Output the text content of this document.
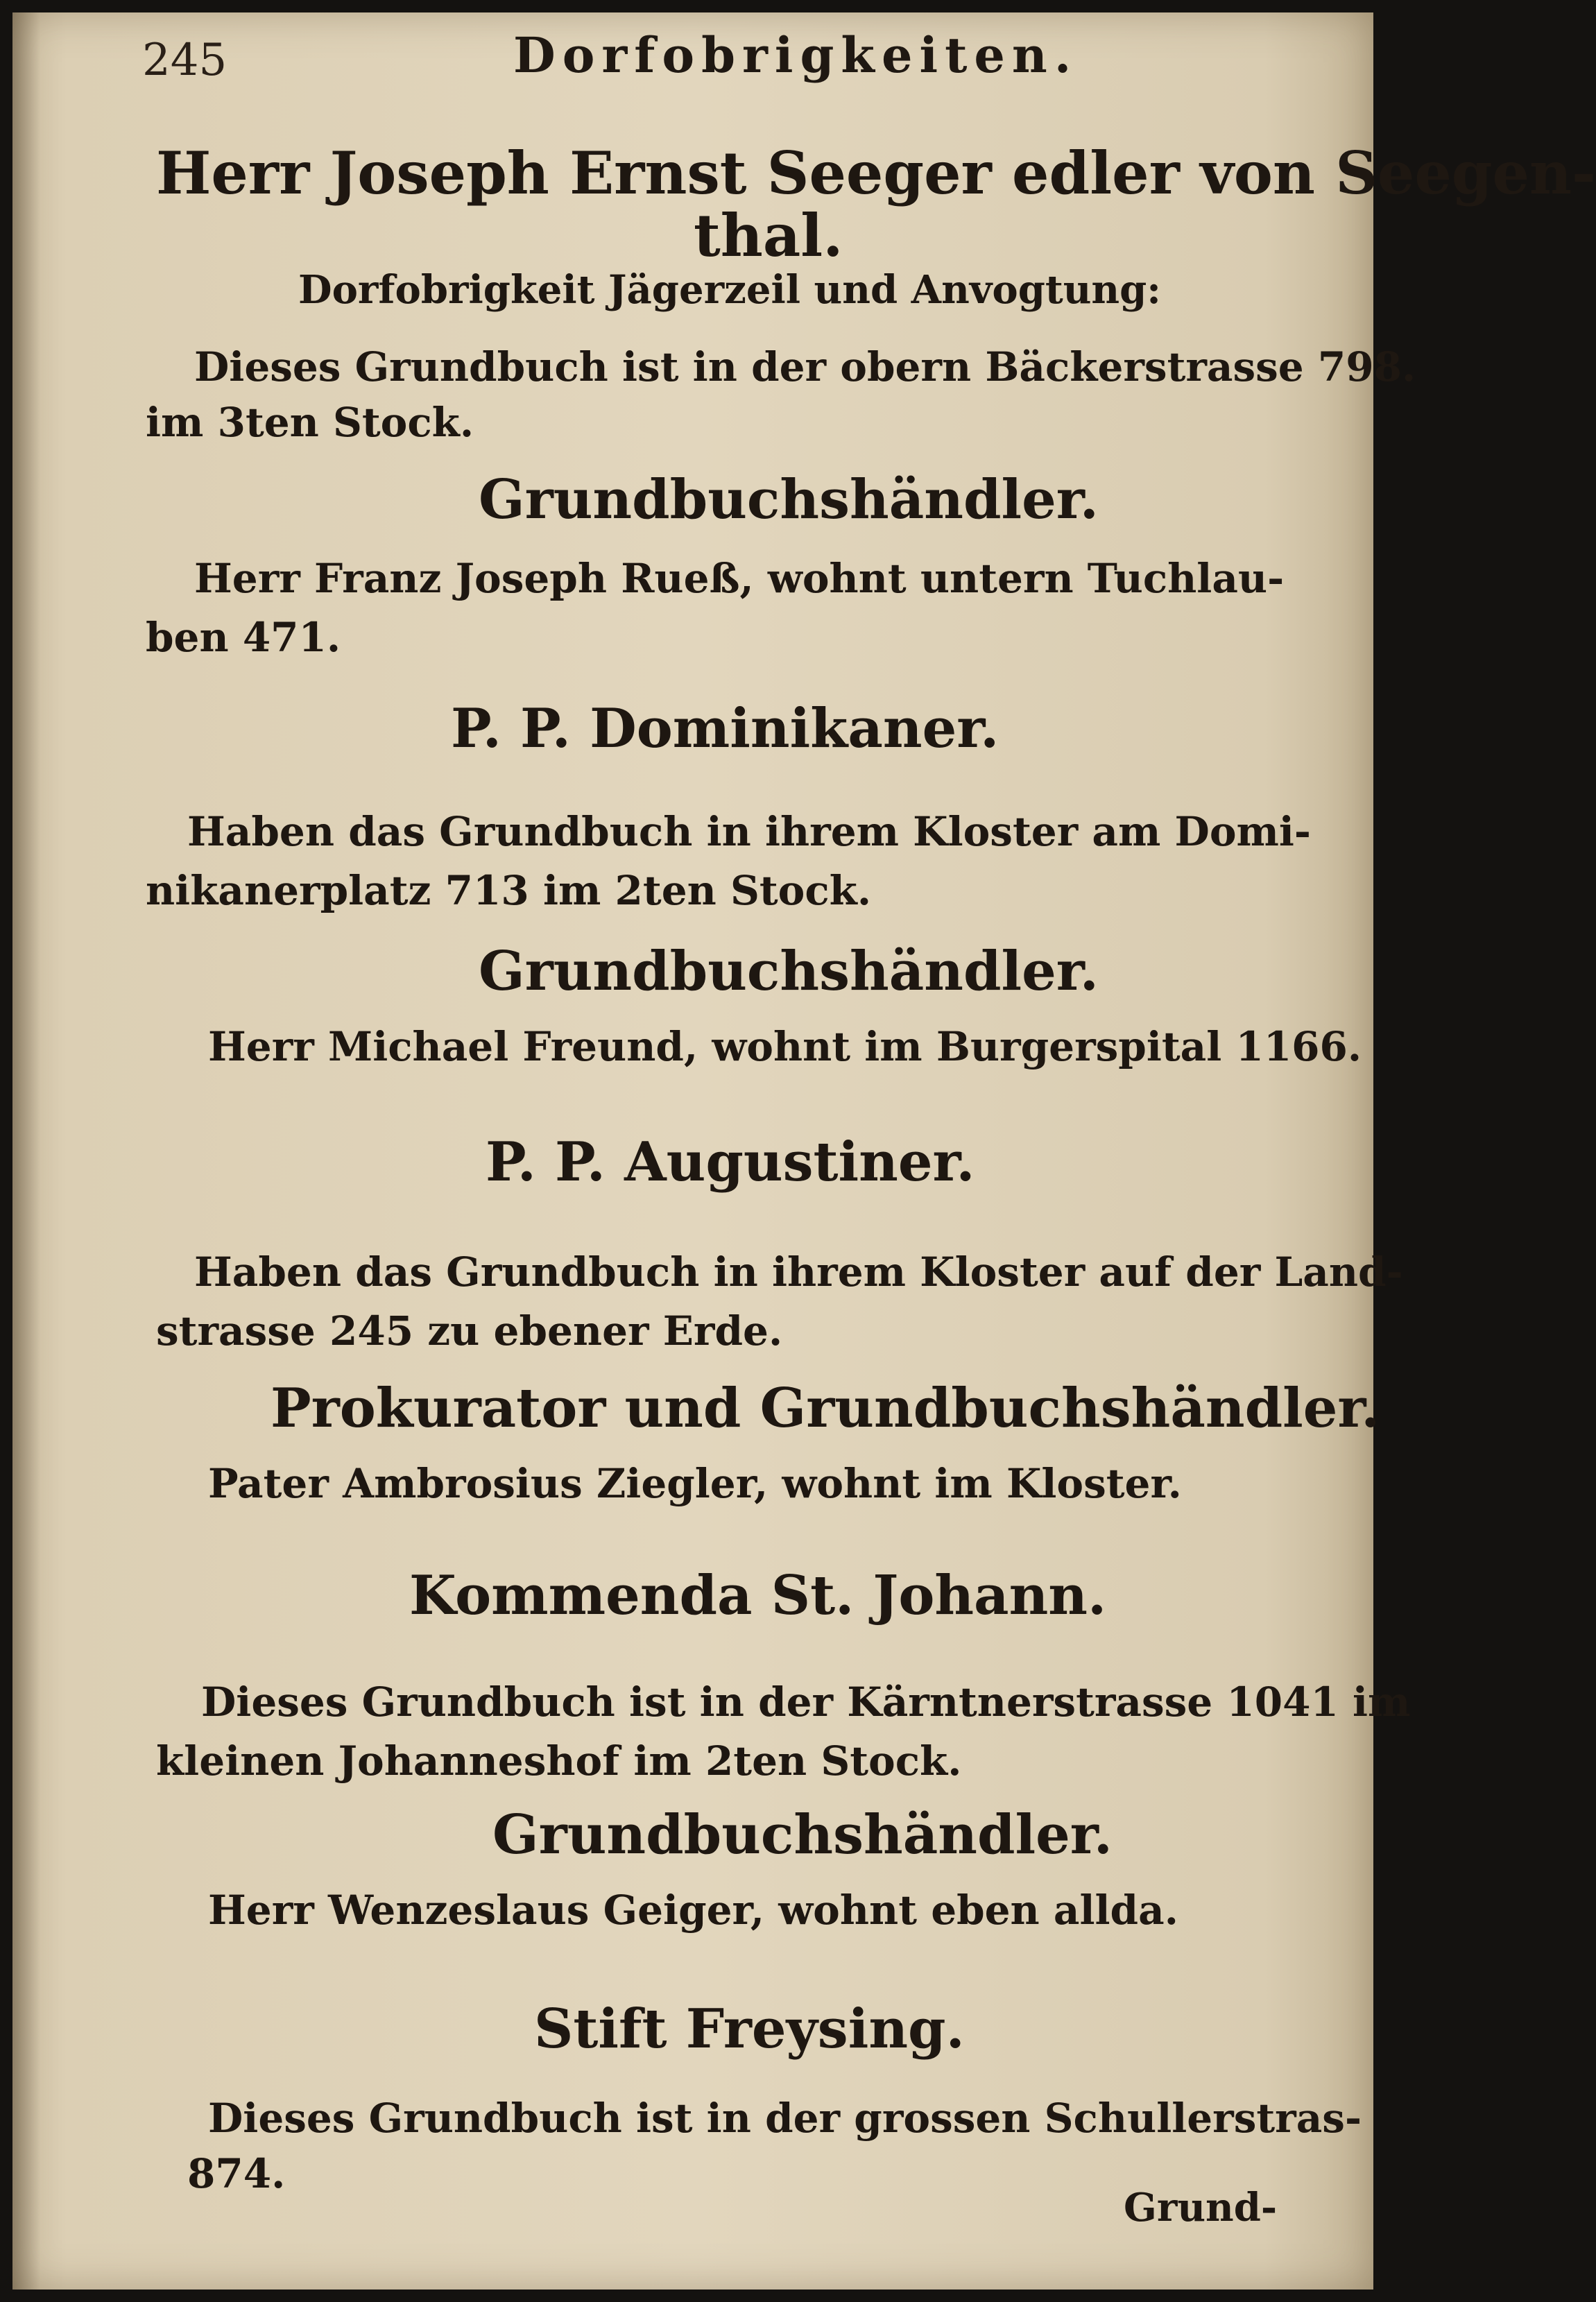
245	Dorfobrigkeiten.
Herr Joseph Ernst Seeger edler von Seegen-
thal.
Dorfobrigkeit Jägerzeil und Anvogtung:
Dieses Grundbuch ist in der obern Bäckerstrasse 798.
im 3ten Stock.
Grundbuchshändler.
Herr Franz Joseph Rueß, wohnt untern Tuchlau-
ben 471.
P. P. Dominikaner.
Haben das Grundbuch in ihrem Kloster am Domi-
nikanerplatz 713 im 2ten Stock.
Grundbuchshändler.
Herr Michael Freund, wohnt im Burgerspital 1166.
P. P. Augustiner.
Haben das Grundbuch in ihrem Kloster auf der Land-
strasse 245 zu ebener Erde.
Prokurator und Grundbuchshändler.
Pater Ambrosius Ziegler, wohnt im Kloster.
Kommenda St. Johann.
Dieses Grundbuch ist in der Kärntnerstrasse 1041 im
kleinen Johanneshof im 2ten Stock.
Grundbuchshändler.
Herr Wenzeslaus Geiger, wohnt eben allda.
Stift Freysing.
Dieses Grundbuch ist in der grossen Schullerstras-
874.
Grund-
